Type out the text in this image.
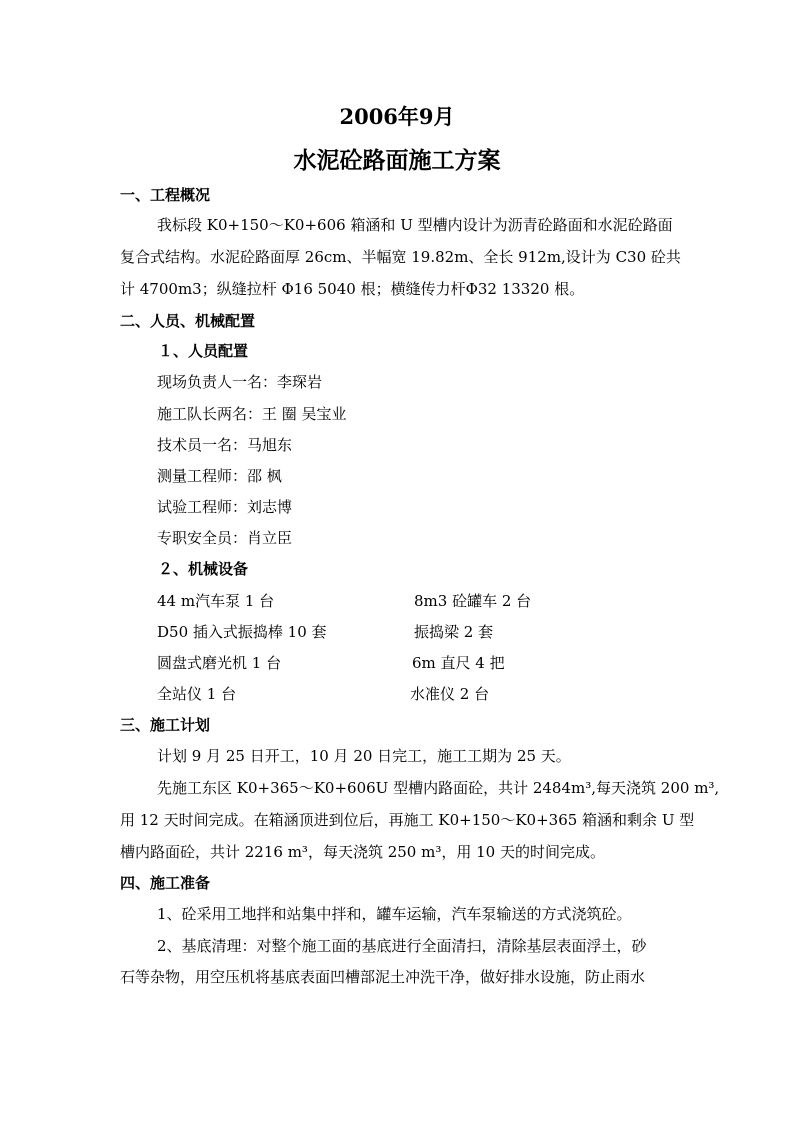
2006年9月
水泥砼路面施工方案
一、工程概况
我标段 K0+150～K0+606 箱涵和 U 型槽内设计为沥青砼路面和水泥砼路面
复合式结构。水泥砼路面厚 26cm、半幅宽 19.82m、全长 912m,设计为 C30 砼共
计 4700m3；纵缝拉杆 Φ16 5040 根；横缝传力杆Φ32 13320 根。
二、人员、机械配置
１、人员配置
现场负责人一名：李琛岩
施工队长两名：王 圈 吴宝业
技术员一名：马旭东
测量工程师：邵 枫
试验工程师：刘志博
专职安全员：肖立臣
２、机械设备
44 m汽车泵 1 台	8m3 砼罐车 2 台
D50 插入式振捣棒 10 套	振捣梁 2 套
圆盘式磨光机 1 台	6m 直尺 4 把
全站仪 1 台	水准仪 2 台
三、施工计划
计划 9 月 25 日开工，10 月 20 日完工，施工工期为 25 天。
先施工东区 K0+365～K0+606U 型槽内路面砼，共计 2484m³,每天浇筑 200 m³,
用 12 天时间完成。在箱涵顶进到位后，再施工 K0+150～K0+365 箱涵和剩余 U 型
槽内路面砼，共计 2216 m³，每天浇筑 250 m³，用 10 天的时间完成。
四、施工准备
1、砼采用工地拌和站集中拌和，罐车运输，汽车泵输送的方式浇筑砼。
2、基底清理：对整个施工面的基底进行全面清扫，清除基层表面浮土，砂
石等杂物，用空压机将基底表面凹槽部泥土冲洗干净，做好排水设施，防止雨水
